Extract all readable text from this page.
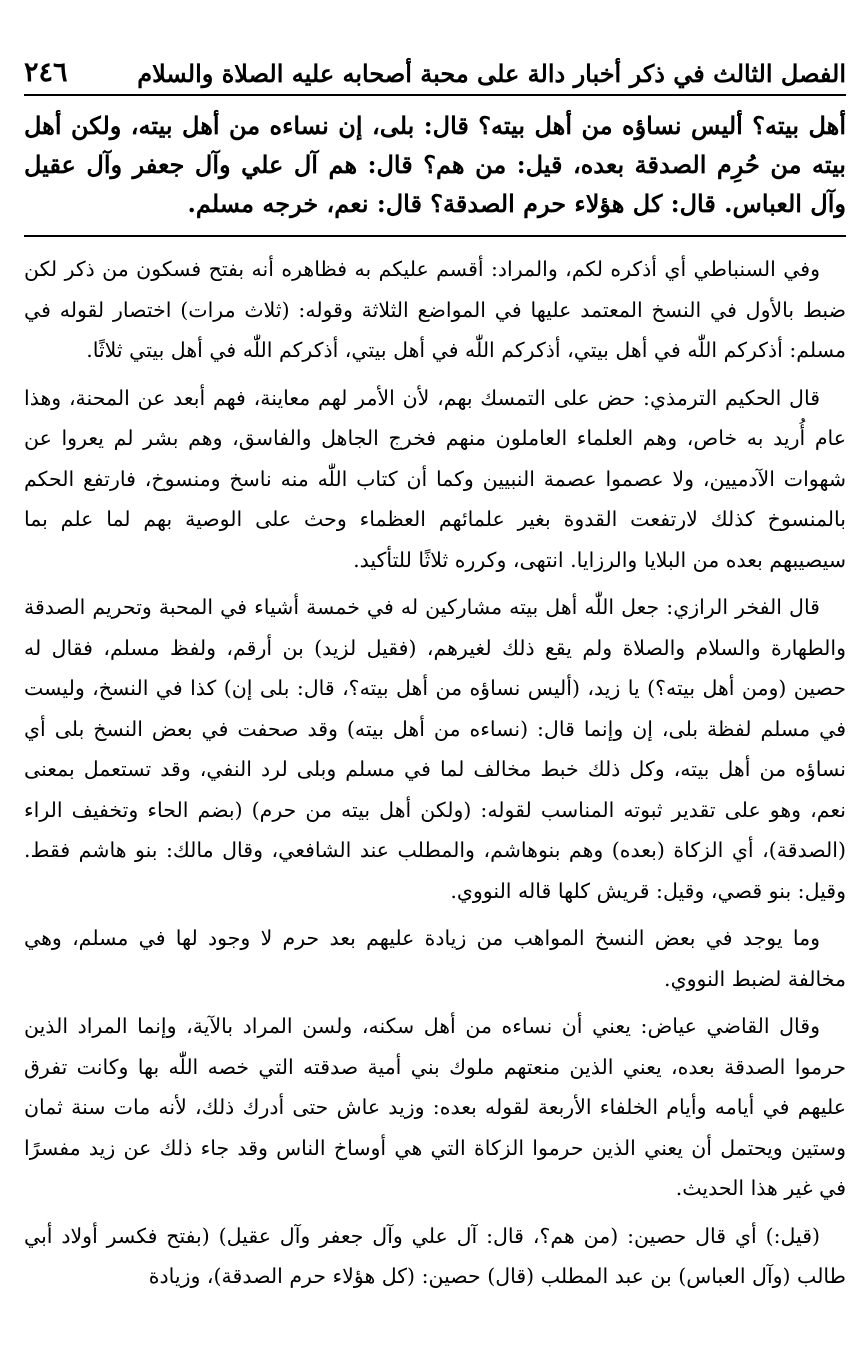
الفصل الثالث في ذكر أخبار دالة على محبة أصحابه عليه الصلاة والسلام
٢٤٦

أهل بيته؟ أليس نساؤه من أهل بيته؟ قال: بلى، إن نساءه من أهل بيته، ولكن أهل بيته من حُرِم الصدقة بعده، قيل: من هم؟ قال: هم آل علي وآل جعفر وآل عقيل وآل العباس. قال: كل هؤلاء حرم الصدقة؟ قال: نعم، خرجه مسلم.

وفي السنباطي أي أذكره لكم، والمراد: أقسم عليكم به فظاهره أنه بفتح فسكون من ذكر لكن ضبط بالأول في النسخ المعتمد عليها في المواضع الثلاثة وقوله: (ثلاث مرات) اختصار لقوله في مسلم: أذكركم اللّٰه في أهل بيتي، أذكركم اللّٰه في أهل بيتي، أذكركم اللّٰه في أهل بيتي ثلاثًا.

قال الحكيم الترمذي: حض على التمسك بهم، لأن الأمر لهم معاينة، فهم أبعد عن المحنة، وهذا عام أُريد به خاص، وهم العلماء العاملون منهم فخرج الجاهل والفاسق، وهم بشر لم يعروا عن شهوات الآدميين، ولا عصموا عصمة النبيين وكما أن كتاب اللّٰه منه ناسخ ومنسوخ، فارتفع الحكم بالمنسوخ كذلك لارتفعت القدوة بغير علمائهم العظماء وحث على الوصية بهم لما علم بما سيصيبهم بعده من البلايا والرزايا. انتهى، وكرره ثلاثًا للتأكيد.

قال الفخر الرازي: جعل اللّٰه أهل بيته مشاركين له في خمسة أشياء في المحبة وتحريم الصدقة والطهارة والسلام والصلاة ولم يقع ذلك لغيرهم، (فقيل لزيد) بن أرقم، ولفظ مسلم، فقال له حصين (ومن أهل بيته؟) يا زيد، (أليس نساؤه من أهل بيته؟، قال: بلى إن) كذا في النسخ، وليست في مسلم لفظة بلى، إن وإنما قال: (نساءه من أهل بيته) وقد صحفت في بعض النسخ بلى أي نساؤه من أهل بيته، وكل ذلك خبط مخالف لما في مسلم وبلى لرد النفي، وقد تستعمل بمعنى نعم، وهو على تقدير ثبوته المناسب لقوله: (ولكن أهل بيته من حرم) (بضم الحاء وتخفيف الراء (الصدقة)، أي الزكاة (بعده) وهم بنوهاشم، والمطلب عند الشافعي، وقال مالك: بنو هاشم فقط. وقيل: بنو قصي، وقيل: قريش كلها قاله النووي.

وما يوجد في بعض النسخ المواهب من زيادة عليهم بعد حرم لا وجود لها في مسلم، وهي مخالفة لضبط النووي.

وقال القاضي عياض: يعني أن نساءه من أهل سكنه، ولسن المراد بالآية، وإنما المراد الذين حرموا الصدقة بعده، يعني الذين منعتهم ملوك بني أمية صدقته التي خصه اللّٰه بها وكانت تفرق عليهم في أيامه وأيام الخلفاء الأربعة لقوله بعده: وزيد عاش حتى أدرك ذلك، لأنه مات سنة ثمان وستين ويحتمل أن يعني الذين حرموا الزكاة التي هي أوساخ الناس وقد جاء ذلك عن زيد مفسرًا في غير هذا الحديث.

(قيل:) أي قال حصين: (من هم؟، قال: آل علي وآل جعفر وآل عقيل) (بفتح فكسر أولاد أبي طالب (وآل العباس) بن عبد المطلب (قال) حصين: (كل هؤلاء حرم الصدقة)، وزيادة
